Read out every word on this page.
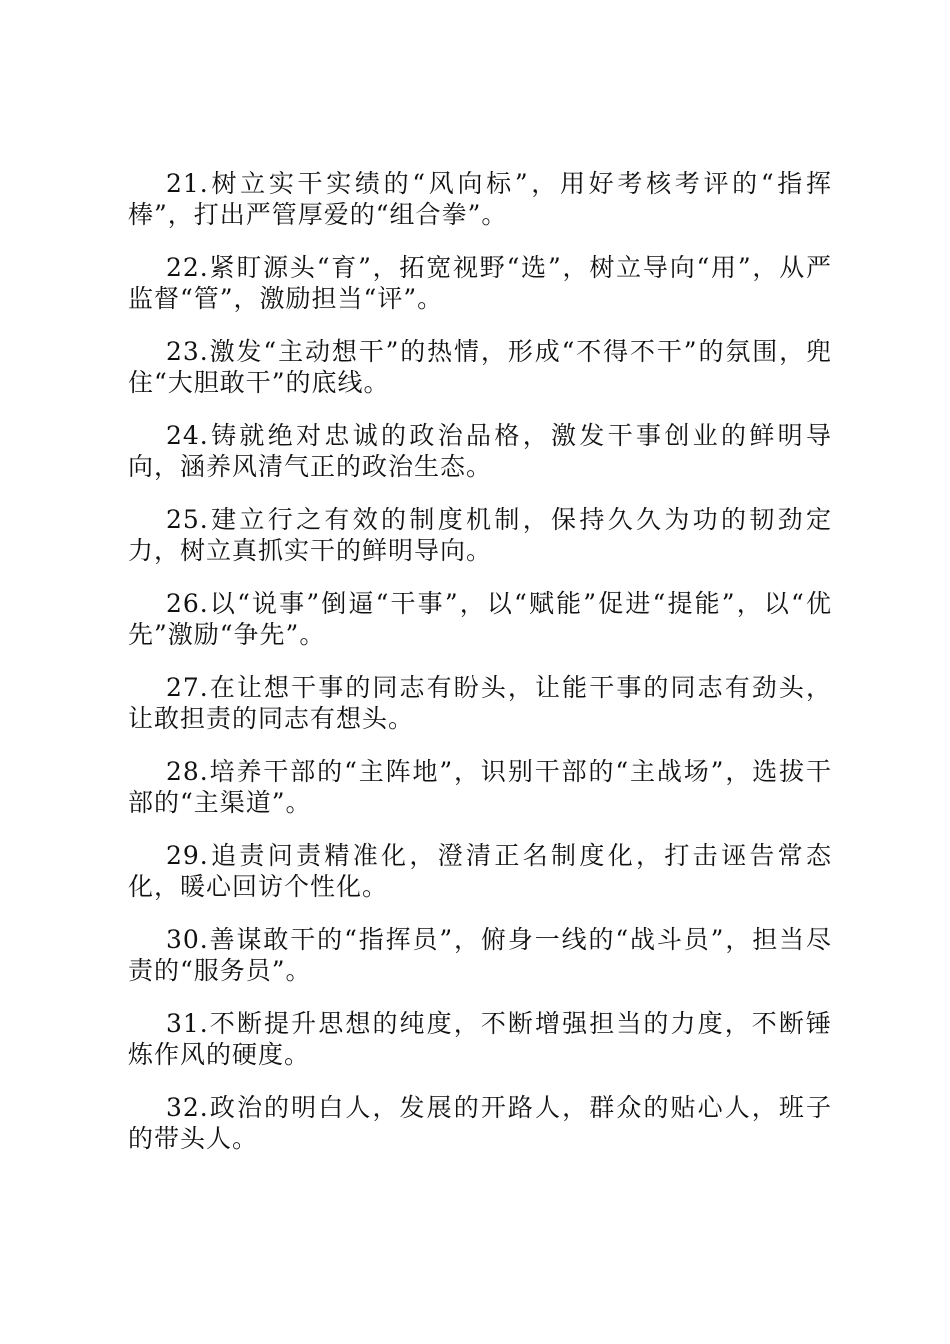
21.树立实干实绩的“风向标”，用好考核考评的“指挥棒”，打出严管厚爱的“组合拳”。

22.紧盯源头“育”，拓宽视野“选”，树立导向“用”，从严监督“管”，激励担当“评”。

23.激发“主动想干”的热情，形成“不得不干”的氛围，兜住“大胆敢干”的底线。

24.铸就绝对忠诚的政治品格，激发干事创业的鲜明导向，涵养风清气正的政治生态。

25.建立行之有效的制度机制，保持久久为功的韧劲定力，树立真抓实干的鲜明导向。

26.以“说事”倒逼“干事”，以“赋能”促进“提能”，以“优先”激励“争先”。

27.在让想干事的同志有盼头，让能干事的同志有劲头，让敢担责的同志有想头。

28.培养干部的“主阵地”，识别干部的“主战场”，选拔干部的“主渠道”。

29.追责问责精准化，澄清正名制度化，打击诬告常态化，暖心回访个性化。

30.善谋敢干的“指挥员”，俯身一线的“战斗员”，担当尽责的“服务员”。

31.不断提升思想的纯度，不断增强担当的力度，不断锤炼作风的硬度。

32.政治的明白人，发展的开路人，群众的贴心人，班子的带头人。
